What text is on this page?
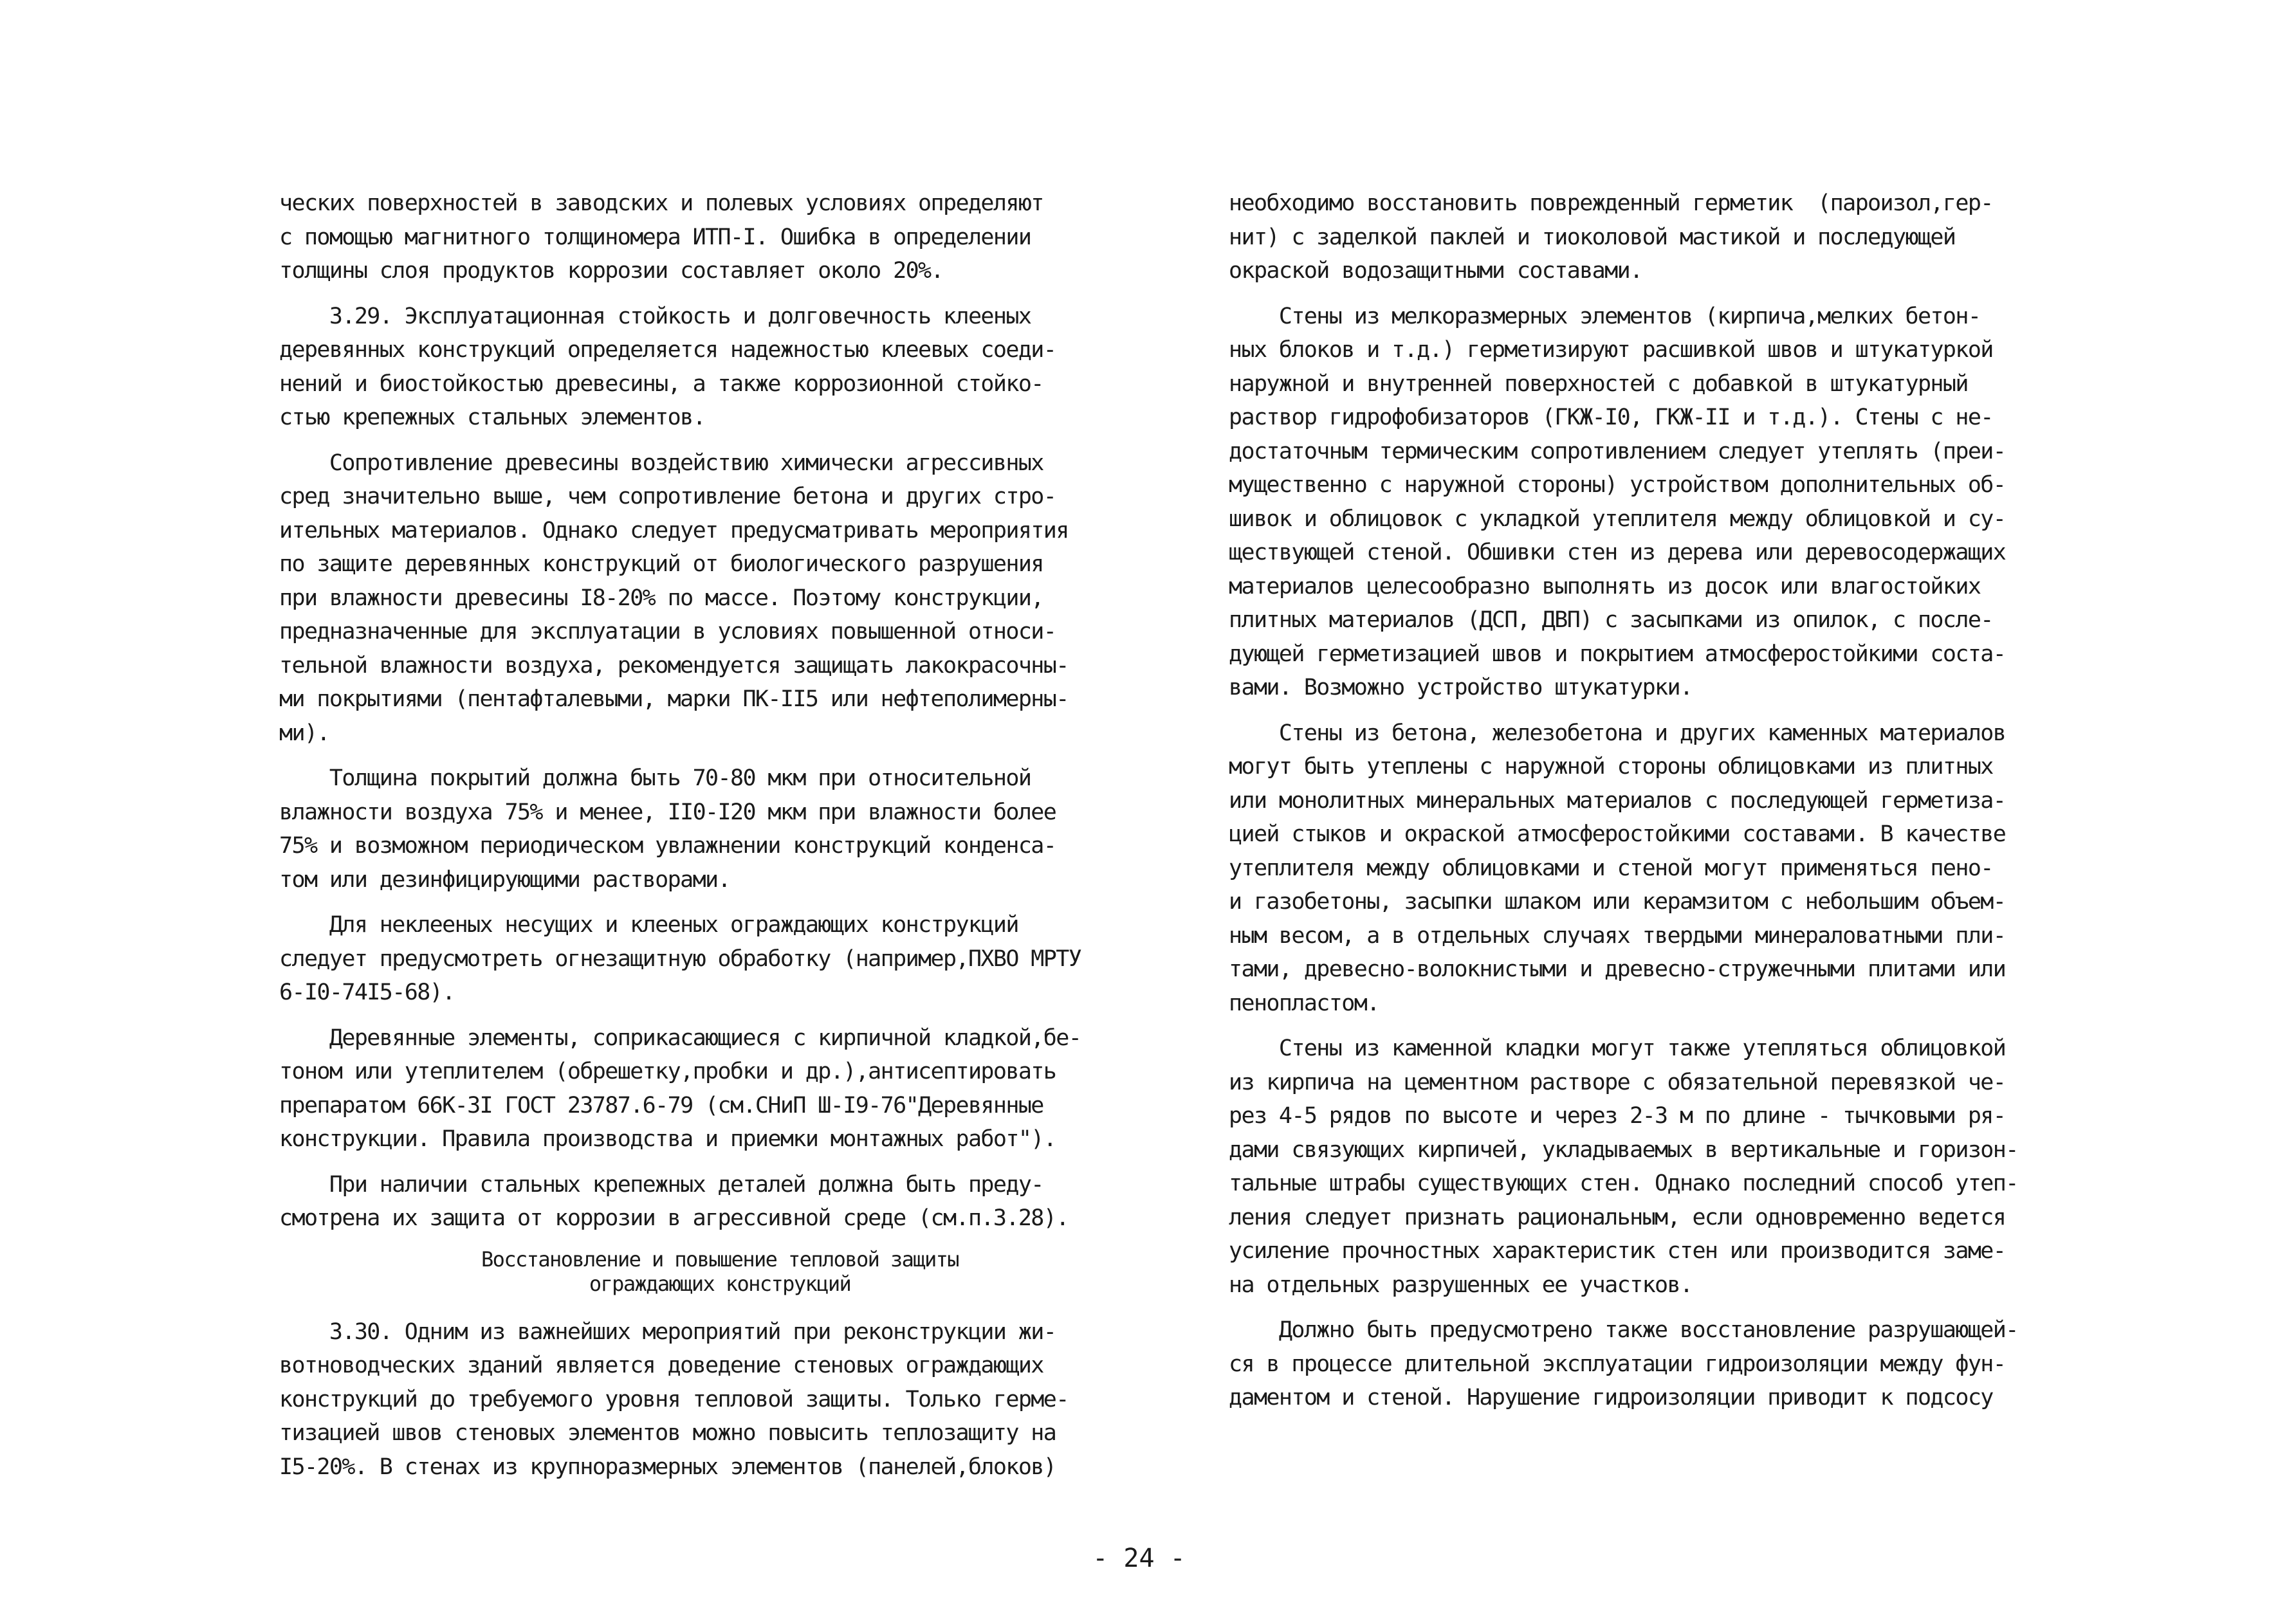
ческих поверхностей в заводских и полевых условиях определяют
с помощью магнитного толщиномера ИТП-I. Ошибка в определении
толщины слоя продуктов коррозии составляет около 20%.
3.29. Эксплуатационная стойкость и долговечность клееных
деревянных конструкций определяется надежностью клеевых соеди-
нений и биостойкостью древесины, а также коррозионной стойко-
стью крепежных стальных элементов.
Сопротивление древесины воздействию химически агрессивных
сред значительно выше, чем сопротивление бетона и других стро-
ительных материалов. Однако следует предусматривать мероприятия
по защите деревянных конструкций от биологического разрушения
при влажности древесины I8-20% по массе. Поэтому конструкции,
предназначенные для эксплуатации в условиях повышенной относи-
тельной влажности воздуха, рекомендуется защищать лакокрасочны-
ми покрытиями (пентафталевыми, марки ПК-II5 или нефтеполимерны-
ми).
Толщина покрытий должна быть 70-80 мкм при относительной
влажности воздуха 75% и менее, II0-I20 мкм при влажности более
75% и возможном периодическом увлажнении конструкций конденса-
том или дезинфицирующими растворами.
Для неклееных несущих и клееных ограждающих конструкций
следует предусмотреть огнезащитную обработку (например,ПХВО МРТУ
6-I0-74I5-68).
Деревянные элементы, соприкасающиеся с кирпичной кладкой,бе-
тоном или утеплителем (обрешетку,пробки и др.),антисептировать
препаратом 66К-3I ГОСТ 23787.6-79 (см.СНиП Ш-I9-76"Деревянные
конструкции. Правила производства и приемки монтажных работ").
При наличии стальных крепежных деталей должна быть преду-
смотрена их защита от коррозии в агрессивной среде (см.п.3.28).
Восстановление и повышение тепловой защиты
ограждающих конструкций
3.30. Одним из важнейших мероприятий при реконструкции жи-
вотноводческих зданий является доведение стеновых ограждающих
конструкций до требуемого уровня тепловой защиты. Только герме-
тизацией швов стеновых элементов можно повысить теплозащиту на
I5-20%. В стенах из крупноразмерных элементов (панелей,блоков)
необходимо восстановить поврежденный герметик  (пароизол,гер-
нит) с заделкой паклей и тиоколовой мастикой и последующей
окраской водозащитными составами.
Стены из мелкоразмерных элементов (кирпича,мелких бетон-
ных блоков и т.д.) герметизируют расшивкой швов и штукатуркой
наружной и внутренней поверхностей с добавкой в штукатурный
раствор гидрофобизаторов (ГКЖ-I0, ГКЖ-II и т.д.). Стены с не-
достаточным термическим сопротивлением следует утеплять (преи-
мущественно с наружной стороны) устройством дополнительных об-
шивок и облицовок с укладкой утеплителя между облицовкой и су-
ществующей стеной. Обшивки стен из дерева или деревосодержащих
материалов целесообразно выполнять из досок или влагостойких
плитных материалов (ДСП, ДВП) с засыпками из опилок, с после-
дующей герметизацией швов и покрытием атмосферостойкими соста-
вами. Возможно устройство штукатурки.
Стены из бетона, железобетона и других каменных материалов
могут быть утеплены с наружной стороны облицовками из плитных
или монолитных минеральных материалов с последующей герметиза-
цией стыков и окраской атмосферостойкими составами. В качестве
утеплителя между облицовками и стеной могут применяться пено-
и газобетоны, засыпки шлаком или керамзитом с небольшим объем-
ным весом, а в отдельных случаях твердыми минераловатными пли-
тами, древесно-волокнистыми и древесно-стружечными плитами или
пенопластом.
Стены из каменной кладки могут также утепляться облицовкой
из кирпича на цементном растворе с обязательной перевязкой че-
рез 4-5 рядов по высоте и через 2-3 м по длине - тычковыми ря-
дами связующих кирпичей, укладываемых в вертикальные и горизон-
тальные штрабы существующих стен. Однако последний способ утеп-
ления следует признать рациональным, если одновременно ведется
усиление прочностных характеристик стен или производится заме-
на отдельных разрушенных ее участков.
Должно быть предусмотрено также восстановление разрушающей-
ся в процессе длительной эксплуатации гидроизоляции между фун-
даментом и стеной. Нарушение гидроизоляции приводит к подсосу
- 24 -
